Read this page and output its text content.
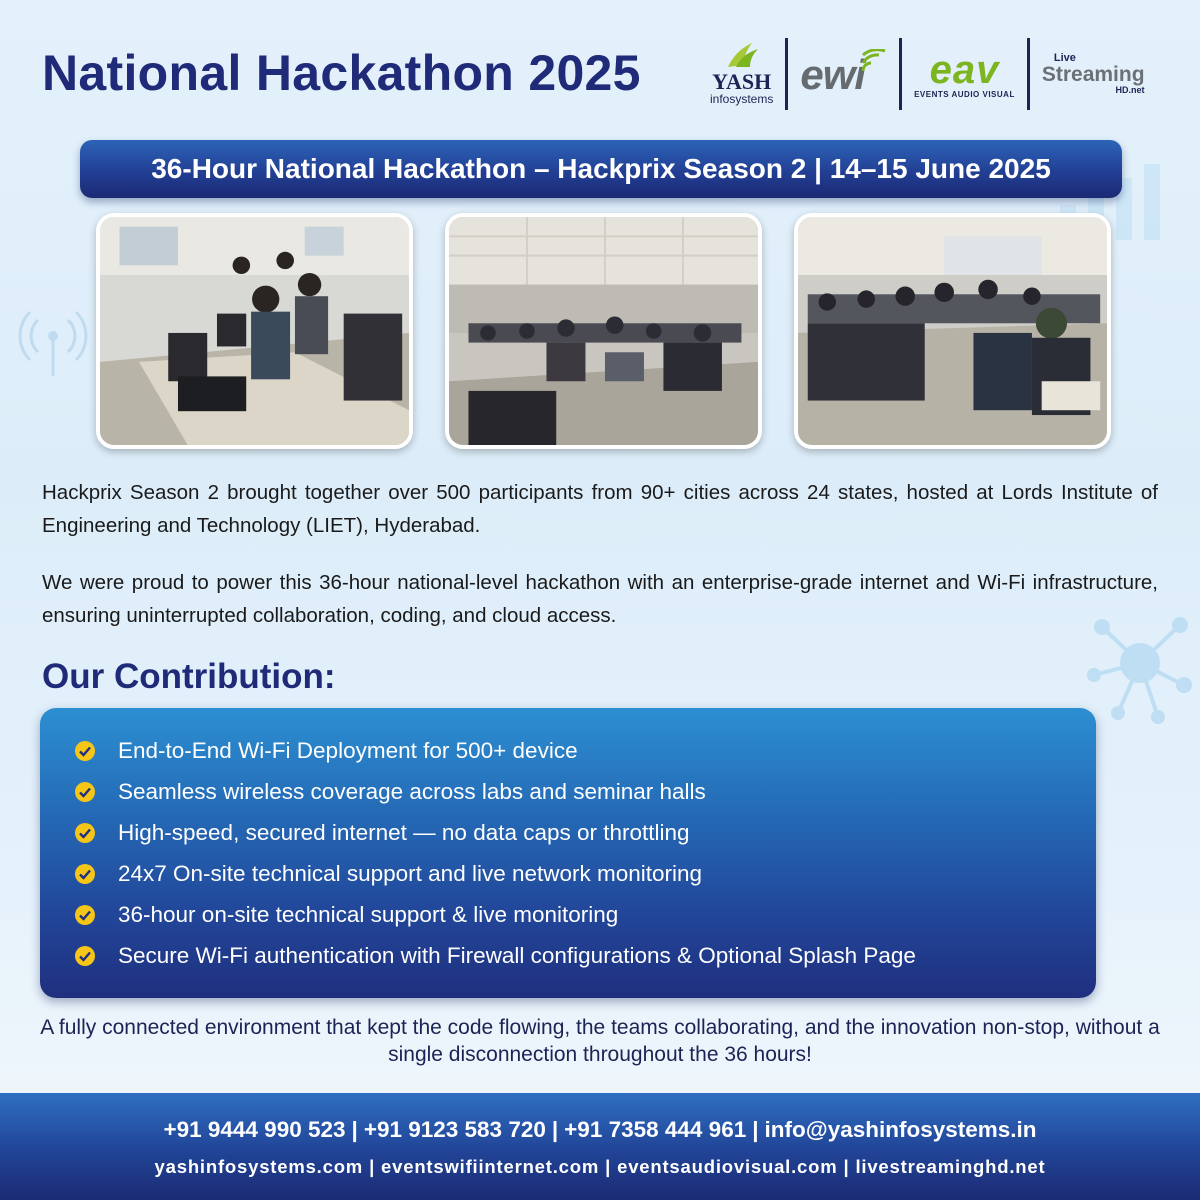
National Hackathon 2025	YASH
infosystems
ewi eav
EVENTS AUDIO VISUAL
Live
Streaming
HD.net
36-Hour National Hackathon – Hackprix Season 2 | 14–15 June 2025

Hackprix Season 2 brought together over 500 participants from 90+ cities across 24 states, hosted at Lords Institute of Engineering and Technology (LIET), Hyderabad.

We were proud to power this 36-hour national-level hackathon with an enterprise-grade internet and Wi-Fi infrastructure, ensuring uninterrupted collaboration, coding, and cloud access.

Our Contribution:
End-to-End Wi-Fi Deployment for 500+ device
Seamless wireless coverage across labs and seminar halls
High-speed, secured internet — no data caps or throttling
24x7 On-site technical support and live network monitoring
36-hour on-site technical support & live monitoring
Secure Wi-Fi authentication with Firewall configurations & Optional Splash Page

A fully connected environment that kept the code flowing, the teams collaborating, and the innovation non-stop, without a single disconnection throughout the 36 hours!

+91 9444 990 523 | +91 9123 583 720 | +91 7358 444 961 | info@yashinfosystems.in
yashinfosystems.com | eventswifiinternet.com | eventsaudiovisual.com | livestreaminghd.net
